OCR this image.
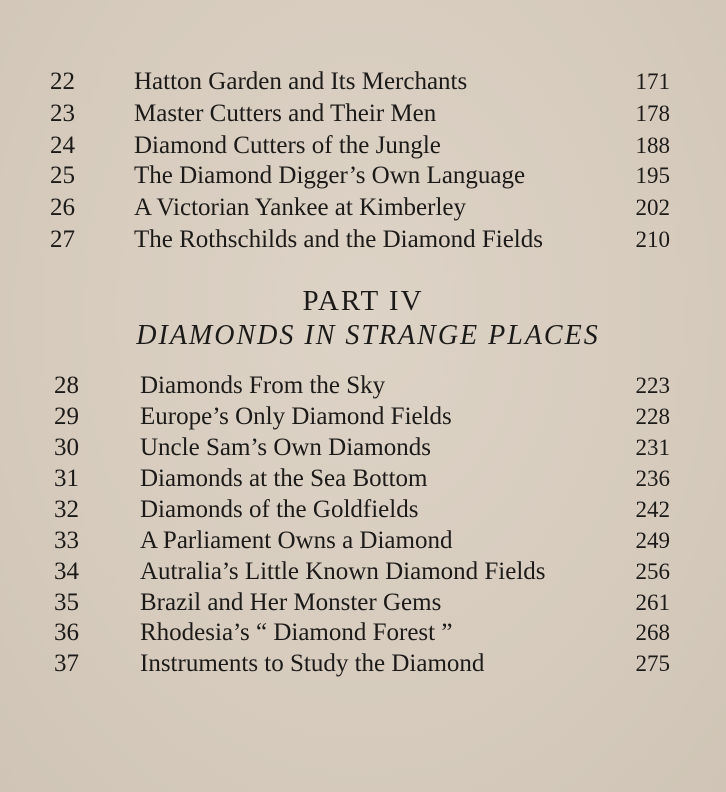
22	Hatton Garden and Its Merchants	171
23	Master Cutters and Their Men	178
24	Diamond Cutters of the Jungle	188
25	The Diamond Digger’s Own Language	195
26	A Victorian Yankee at Kimberley	202
27	The Rothschilds and the Diamond Fields	210
PART IV
DIAMONDS IN STRANGE PLACES
28	Diamonds From the Sky	223
29	Europe’s Only Diamond Fields	228
30	Uncle Sam’s Own Diamonds	231
31	Diamonds at the Sea Bottom	236
32	Diamonds of the Goldfields	242
33	A Parliament Owns a Diamond	249
34	Autralia’s Little Known Diamond Fields	256
35	Brazil and Her Monster Gems	261
36	Rhodesia’s “ Diamond Forest ”	268
37	Instruments to Study the Diamond	275
